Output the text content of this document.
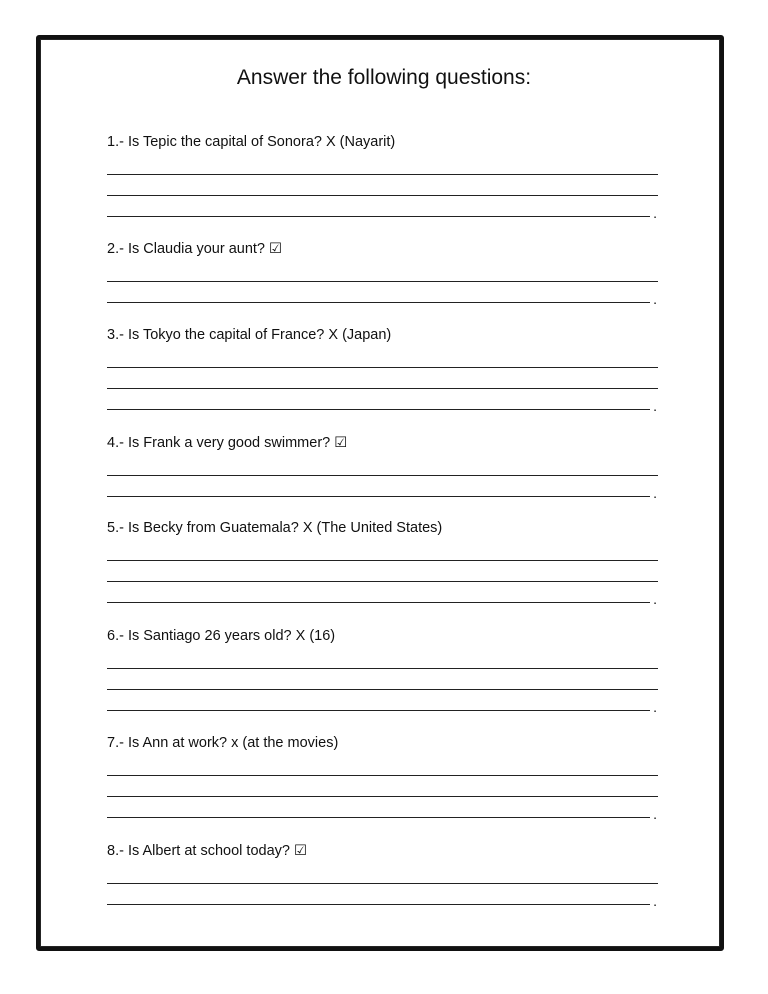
Answer the following questions:
1.- Is Tepic the capital of Sonora? X (Nayarit)
.
2.- Is Claudia your aunt? ☑
.
3.- Is Tokyo the capital of France? X (Japan)
.
4.- Is Frank a very good swimmer? ☑
.
5.- Is Becky from Guatemala? X (The United States)
.
6.- Is Santiago 26 years old? X (16)
.
7.- Is Ann at work? x (at the movies)
.
8.- Is Albert at school today? ☑
.
